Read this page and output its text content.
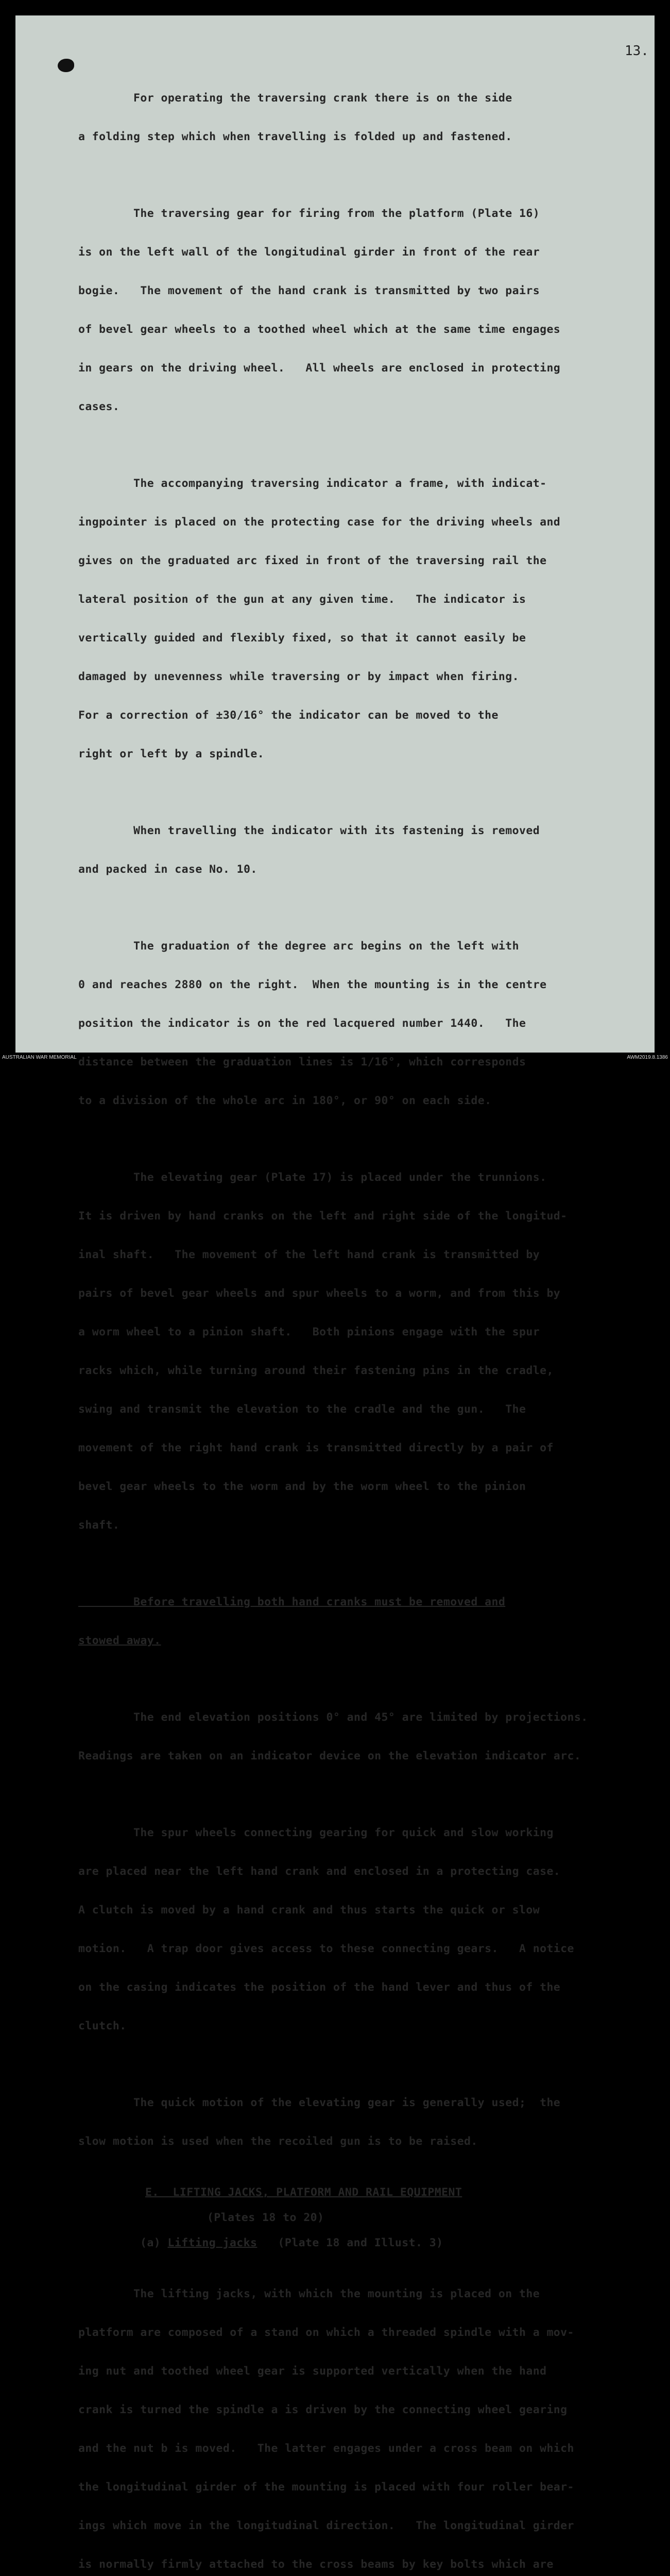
13.

For operating the traversing crank there is on the side

a folding step which when travelling is folded up and fastened.

The traversing gear for firing from the platform (Plate 16)

is on the left wall of the longitudinal girder in front of the rear

bogie.   The movement of the hand crank is transmitted by two pairs

of bevel gear wheels to a toothed wheel which at the same time engages

in gears on the driving wheel.   All wheels are enclosed in protecting

cases.

The accompanying traversing indicator a frame, with indicat-

ingpointer is placed on the protecting case for the driving wheels and

gives on the graduated arc fixed in front of the traversing rail the

lateral position of the gun at any given time.   The indicator is

vertically guided and flexibly fixed, so that it cannot easily be

damaged by unevenness while traversing or by impact when firing.

For a correction of ±30/16° the indicator can be moved to the

right or left by a spindle.

When travelling the indicator with its fastening is removed

and packed in case No. 10.

The graduation of the degree arc begins on the left with

0 and reaches 2880 on the right.  When the mounting is in the centre

position the indicator is on the red lacquered number 1440.   The

distance between the graduation lines is 1/16°, which corresponds

to a division of the whole arc in 180°, or 90° on each side.

The elevating gear (Plate 17) is placed under the trunnions.

It is driven by hand cranks on the left and right side of the longitud-

inal shaft.   The movement of the left hand crank is transmitted by

pairs of bevel gear wheels and spur wheels to a worm, and from this by

a worm wheel to a pinion shaft.   Both pinions engage with the spur

racks which, while turning around their fastening pins in the cradle,

swing and transmit the elevation to the cradle and the gun.   The

movement of the right hand crank is transmitted directly by a pair of

bevel gear wheels to the worm and by the worm wheel to the pinion

shaft.

Before travelling both hand cranks must be removed and

stowed away.

The end elevation positions 0° and 45° are limited by projections.

Readings are taken on an indicator device on the elevation indicator arc.

The spur wheels connecting gearing for quick and slow working

are placed near the left hand crank and enclosed in a protecting case.

A clutch is moved by a hand crank and thus starts the quick or slow

motion.   A trap door gives access to these connecting gears.   A notice

on the casing indicates the position of the hand lever and thus of the

clutch.

The quick motion of the elevating gear is generally used;  the

slow motion is used when the recoiled gun is to be raised.

E.  LIFTING JACKS, PLATFORM AND RAIL EQUIPMENT

(Plates 18 to 20)

(a) Lifting jacks   (Plate 18 and Illust. 3)

The lifting jacks, with which the mounting is placed on the

platform are composed of a stand on which a threaded spindle with a mov-

ing nut and toothed wheel gear is supported vertically when the hand

crank is turned the spindle a is driven by the connecting wheel gearing

and the nut b is moved.   The latter engages under a cross beam on which

the longitudinal girder of the mounting is placed with four roller bear-

ings which move in the longitudinal direction.   The longitudinal girder

is normally firmly attached to the cross beams by key bolts which are

AUSTRALIAN WAR MEMORIAL	AWM2019.8.1386
